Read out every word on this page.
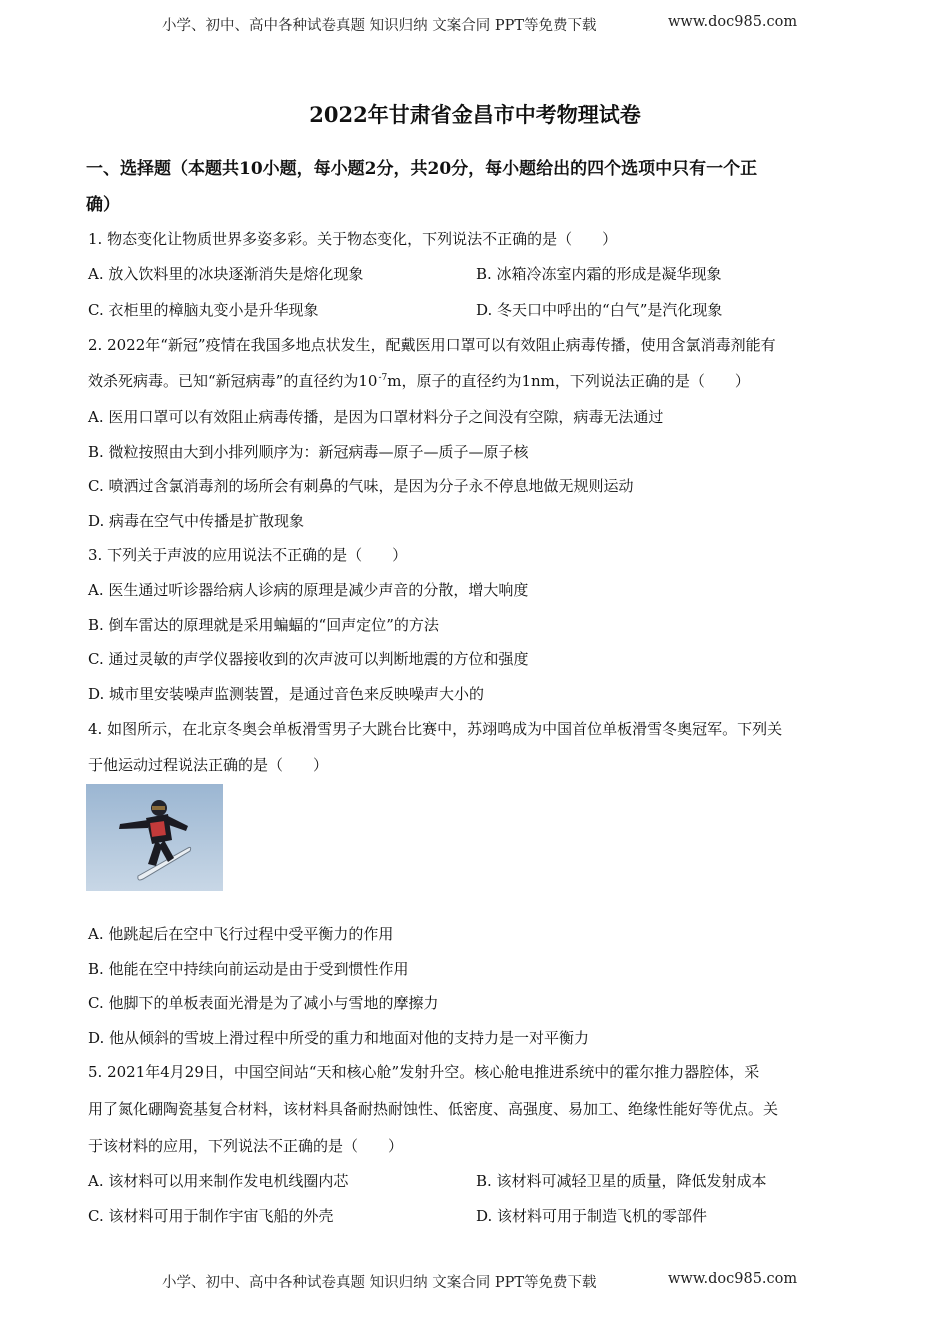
小学、初中、高中各种试卷真题 知识归纳 文案合同 PPT等免费下载	www.doc985.com
2022年甘肃省金昌市中考物理试卷
一、选择题（本题共10小题，每小题2分，共20分，每小题给出的四个选项中只有一个正
确）
1. 物态变化让物质世界多姿多彩。关于物态变化，下列说法不正确的是（　　）
A. 放入饮料里的冰块逐渐消失是熔化现象	B. 冰箱冷冻室内霜的形成是凝华现象
C. 衣柜里的樟脑丸变小是升华现象	D. 冬天口中呼出的“白气”是汽化现象
2. 2022年“新冠”疫情在我国多地点状发生，配戴医用口罩可以有效阻止病毒传播，使用含氯消毒剂能有
效杀死病毒。已知“新冠病毒”的直径约为$10^{-7}m$，原子的直径约为1nm，下列说法正确的是（　　）
A. 医用口罩可以有效阻止病毒传播，是因为口罩材料分子之间没有空隙，病毒无法通过
B. 微粒按照由大到小排列顺序为：新冠病毒—原子—质子—原子核
C. 喷洒过含氯消毒剂的场所会有刺鼻的气味，是因为分子永不停息地做无规则运动
D. 病毒在空气中传播是扩散现象
3. 下列关于声波的应用说法不正确的是（　　）
A. 医生通过听诊器给病人诊病的原理是减少声音的分散，增大响度
B. 倒车雷达的原理就是采用蝙蝠的“回声定位”的方法
C. 通过灵敏的声学仪器接收到的次声波可以判断地震的方位和强度
D. 城市里安装噪声监测装置，是通过音色来反映噪声大小的
4. 如图所示，在北京冬奥会单板滑雪男子大跳台比赛中，苏翊鸣成为中国首位单板滑雪冬奥冠军。下列关
于他运动过程说法正确的是（　　）
A. 他跳起后在空中飞行过程中受平衡力的作用
B. 他能在空中持续向前运动是由于受到惯性作用
C. 他脚下的单板表面光滑是为了减小与雪地的摩擦力
D. 他从倾斜的雪坡上滑过程中所受的重力和地面对他的支持力是一对平衡力
5. 2021年4月29日，中国空间站“天和核心舱”发射升空。核心舱电推进系统中的霍尔推力器腔体，采
用了氮化硼陶瓷基复合材料，该材料具备耐热耐蚀性、低密度、高强度、易加工、绝缘性能好等优点。关
于该材料的应用，下列说法不正确的是（　　）
A. 该材料可以用来制作发电机线圈内芯	B. 该材料可减轻卫星的质量，降低发射成本
C. 该材料可用于制作宇宙飞船的外壳	D. 该材料可用于制造飞机的零部件
小学、初中、高中各种试卷真题 知识归纳 文案合同 PPT等免费下载	www.doc985.com
